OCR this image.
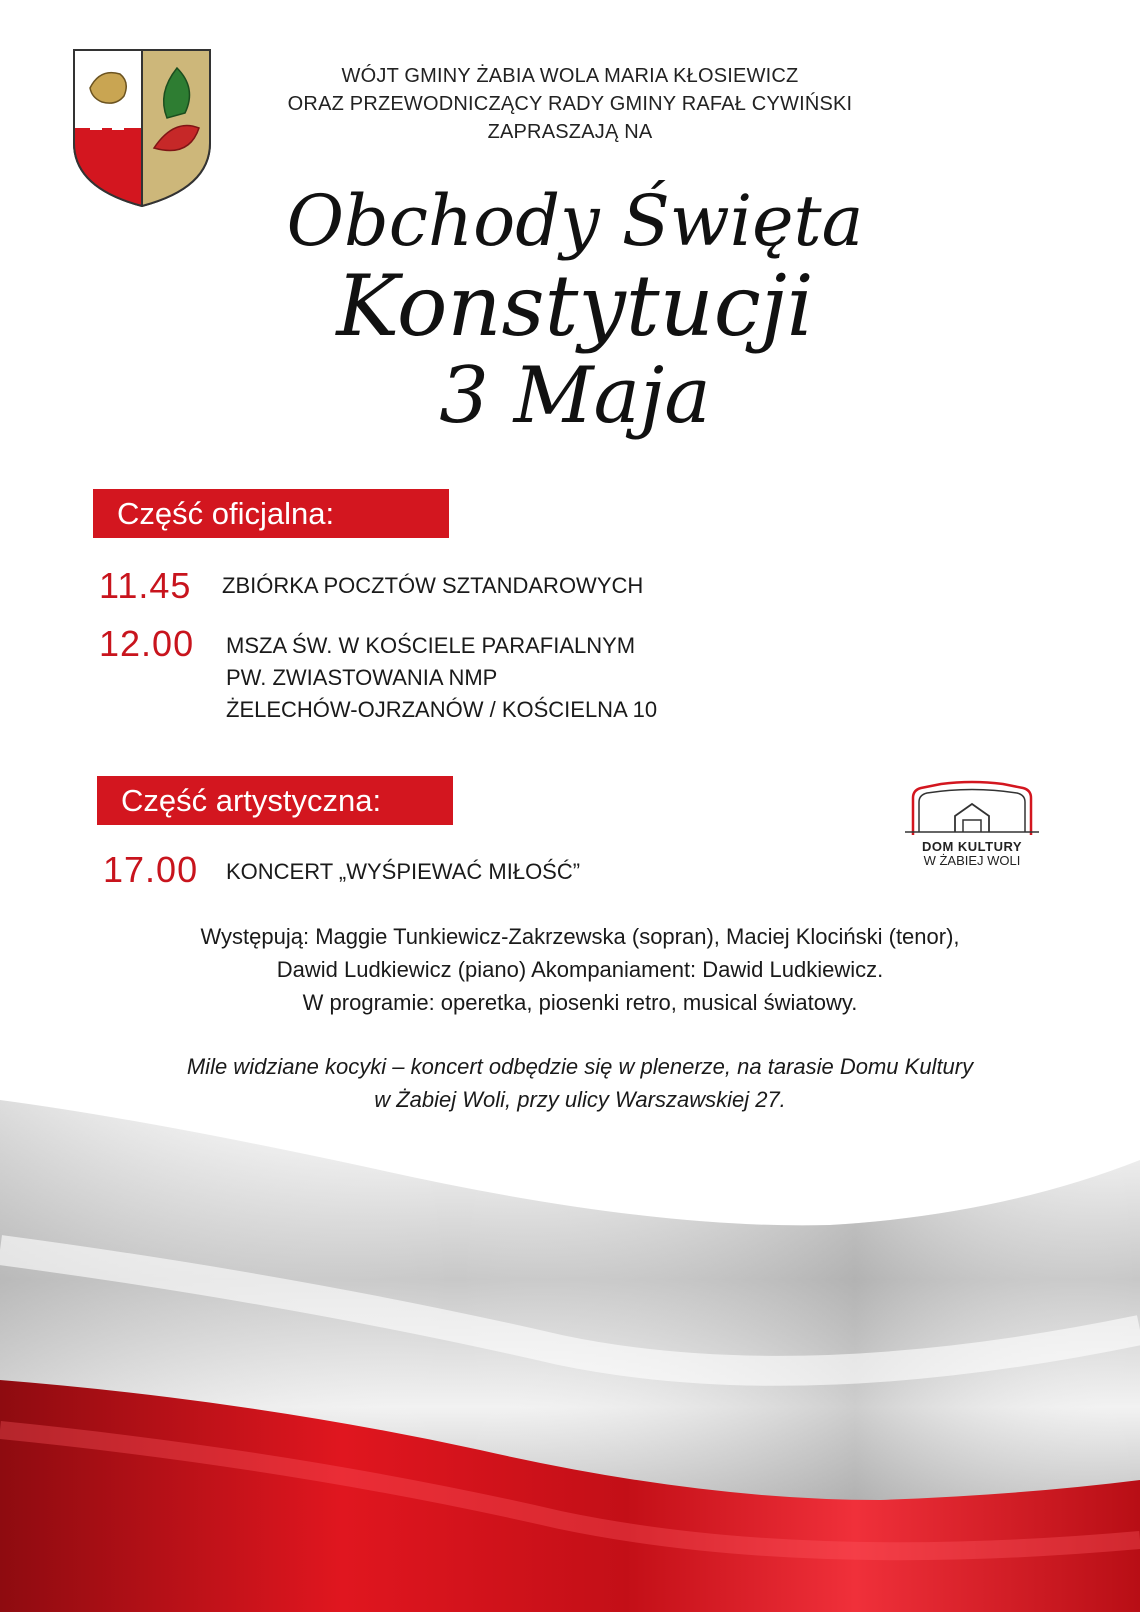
WÓJT GMINY ŻABIA WOLA MARIA KŁOSIEWICZ
ORAZ PRZEWODNICZĄCY RADY GMINY RAFAŁ CYWIŃSKI
ZAPRASZAJĄ NA
Obchody Święta
Konstytucji
3 Maja
Część oficjalna:
11.45 ZBIÓRKA POCZTÓW SZTANDAROWYCH
12.00 MSZA ŚW. W KOŚCIELE PARAFIALNYM
PW. ZWIASTOWANIA NMP
ŻELECHÓW-OJRZANÓW / KOŚCIELNA 10
Część artystyczna:
17.00 KONCERT „WYŚPIEWAĆ MIŁOŚĆ”
DOM KULTURY
W ŻABIEJ WOLI
Występują: Maggie Tunkiewicz-Zakrzewska (sopran), Maciej Klociński (tenor),
Dawid Ludkiewicz (piano) Akompaniament: Dawid Ludkiewicz.
W programie: operetka, piosenki retro, musical światowy.
Mile widziane kocyki – koncert odbędzie się w plenerze, na tarasie Domu Kultury
w Żabiej Woli, przy ulicy Warszawskiej 27.
